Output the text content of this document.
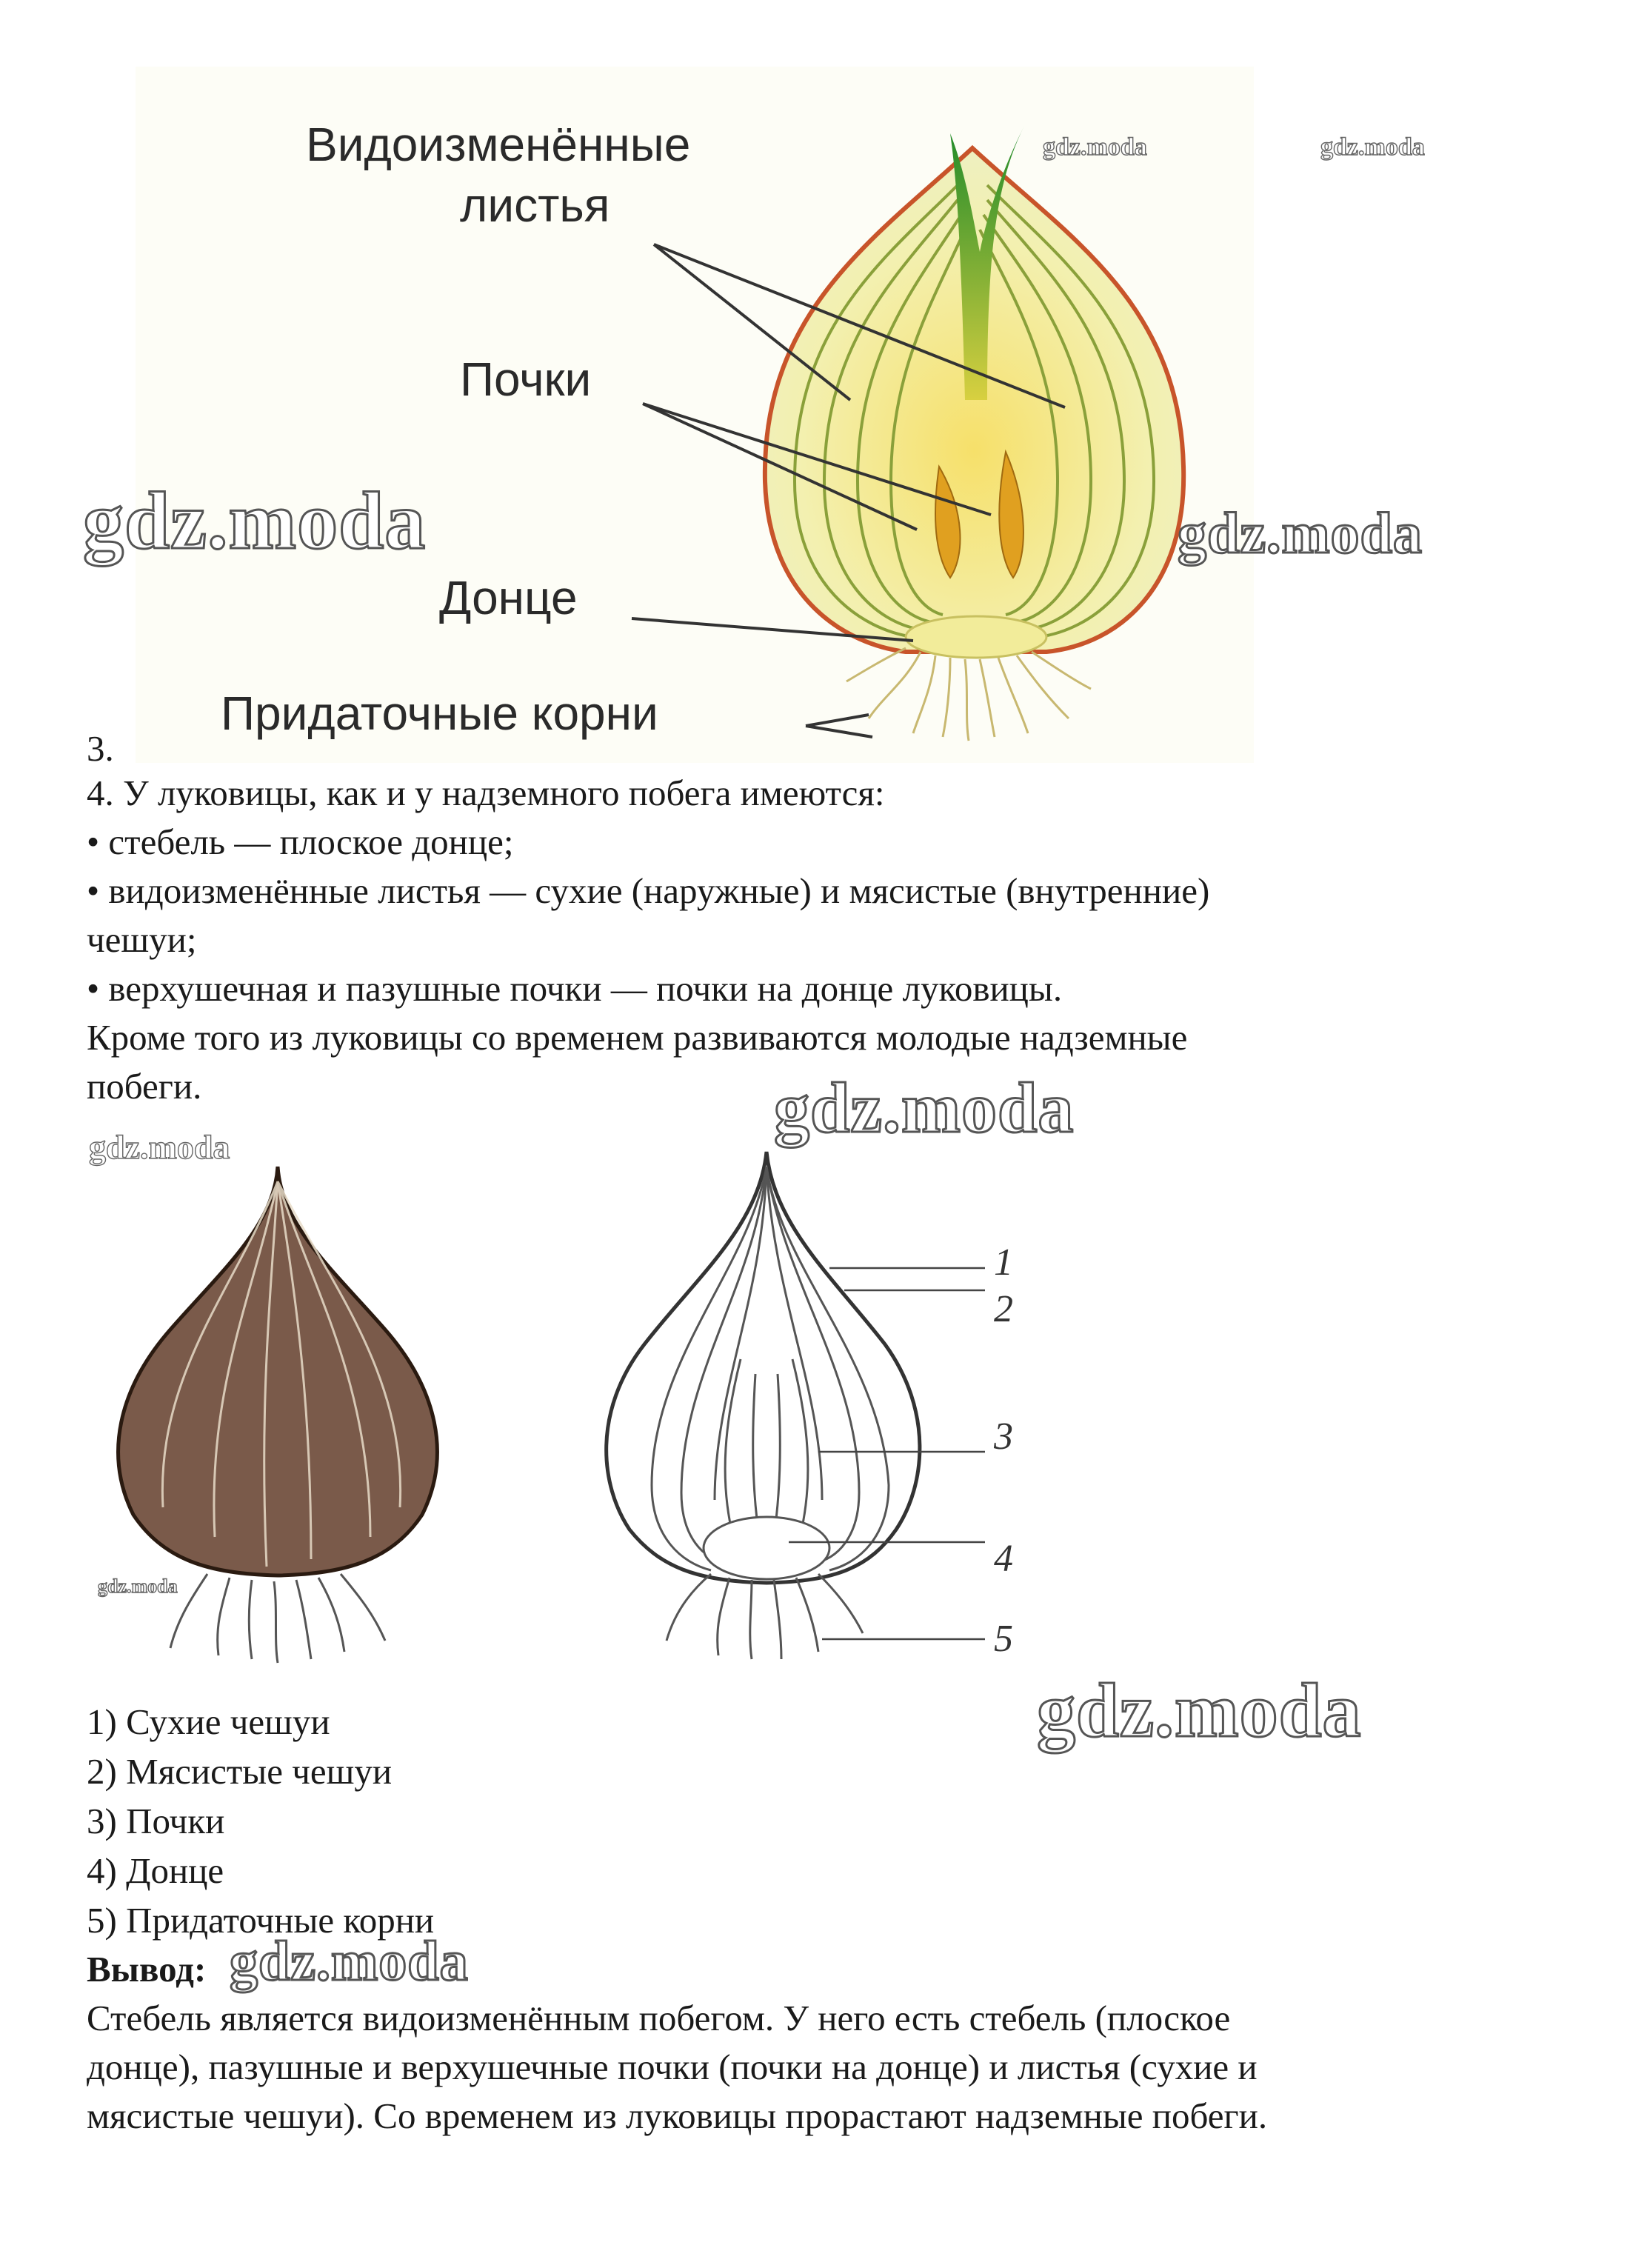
Видоизменённые
листья
Почки
Донце
Придаточные корни
gdz.moda	gdz.moda
gdz.moda	gdz.moda
3.
4. У луковицы, как и у надземного побега имеются:
• стебель — плоское донце;
• видоизменённые листья — сухие (наружные) и мясистые (внутренние)
чешуи;
• верхушечная и пазушные почки — почки на донце луковицы.
Кроме того из луковицы со временем развиваются молодые надземные
побеги.	gdz.moda
gdz.moda
1
2
3
4
5
gdz.moda
gdz.moda
1) Сухие чешуи
2) Мясистые чешуи
3) Почки
4) Донце
5) Придаточные корни
Вывод: gdz.moda
Стебель является видоизменённым побегом. У него есть стебель (плоское
донце), пазушные и верхушечные почки (почки на донце) и листья (сухие и
мясистые чешуи). Со временем из луковицы прорастают надземные побеги.
